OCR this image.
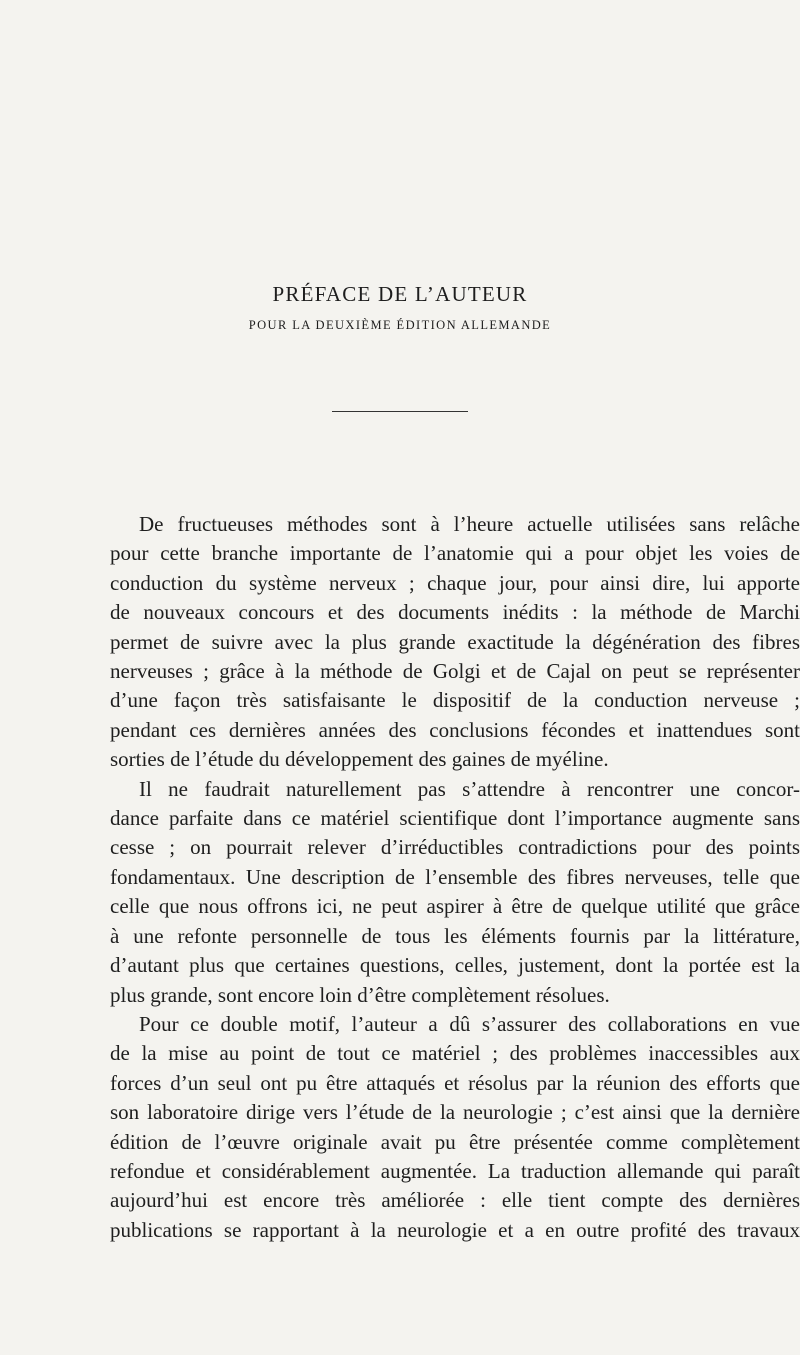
PRÉFACE DE L’AUTEUR

POUR LA DEUXIÈME ÉDITION ALLEMANDE

De fructueuses méthodes sont à l’heure actuelle utilisées sans relâche
pour cette branche importante de l’anatomie qui a pour objet les voies de
conduction du système nerveux ; chaque jour, pour ainsi dire, lui apporte
de nouveaux concours et des documents inédits : la méthode de Marchi
permet de suivre avec la plus grande exactitude la dégénération des fibres
nerveuses ; grâce à la méthode de Golgi et de Cajal on peut se représenter
d’une façon très satisfaisante le dispositif de la conduction nerveuse ;
pendant ces dernières années des conclusions fécondes et inattendues sont
sorties de l’étude du développement des gaines de myéline.
Il ne faudrait naturellement pas s’attendre à rencontrer une concor-
dance parfaite dans ce matériel scientifique dont l’importance augmente sans
cesse ; on pourrait relever d’irréductibles contradictions pour des points
fondamentaux. Une description de l’ensemble des fibres nerveuses, telle que
celle que nous offrons ici, ne peut aspirer à être de quelque utilité que grâce
à une refonte personnelle de tous les éléments fournis par la littérature,
d’autant plus que certaines questions, celles, justement, dont la portée est la
plus grande, sont encore loin d’être complètement résolues.
Pour ce double motif, l’auteur a dû s’assurer des collaborations en vue
de la mise au point de tout ce matériel ; des problèmes inaccessibles aux
forces d’un seul ont pu être attaqués et résolus par la réunion des efforts que
son laboratoire dirige vers l’étude de la neurologie ; c’est ainsi que la dernière
édition de l’œuvre originale avait pu être présentée comme complètement
refondue et considérablement augmentée. La traduction allemande qui paraît
aujourd’hui est encore très améliorée : elle tient compte des dernières
publications se rapportant à la neurologie et a en outre profité des travaux
